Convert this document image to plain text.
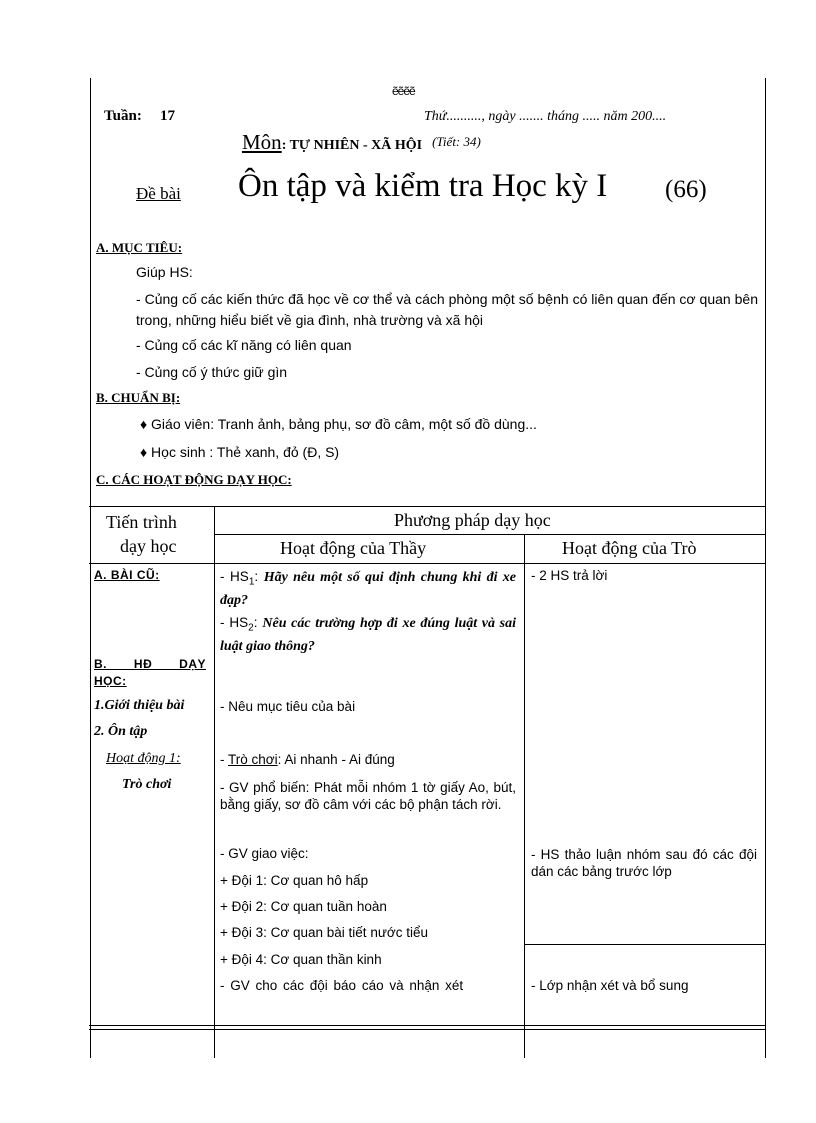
ẽẽẽẽ
Tuần: 17	Thứ.........., ngày ....... tháng ..... năm 200....
Môn: TỰ NHIÊN - XÃ HỘI (Tiết: 34)
Đề bài Ôn tập và kiểm tra Học kỳ I (66)
A. MỤC TIÊU:
Giúp HS:
- Củng cố các kiến thức đã học về cơ thể và cách phòng một số bệnh có liên quan đến cơ quan bên trong, những hiểu biết về gia đình, nhà trường và xã hội
- Củng cố các kĩ năng có liên quan
- Củng cố ý thức giữ gìn
B. CHUẨN BỊ:
♦ Giáo viên: Tranh ảnh, bảng phụ, sơ đồ câm, một số đồ dùng...
♦ Học sinh : Thẻ xanh, đỏ (Đ, S)
C. CÁC HOẠT ĐỘNG DẠY HỌC:
Tiến trình
dạy học
Phương pháp dạy học
Hoạt động của Thầy	Hoạt động của Trò
A. BÀI CŨ:
B. HĐ DẠY HỌC:
1.Giới thiệu bài
2. Ôn tập
Hoạt động 1:
Trò chơi
- $HS_1$: Hãy nêu một số qui định chung khi đi xe đạp?
- $HS_2$: Nêu các trường hợp đi xe đúng luật và sai luật giao thông?
- Nêu mục tiêu của bài
- Trò chơi: Ai nhanh - Ai đúng
- GV phổ biến: Phát mỗi nhóm 1 tờ giấy Ao, bút, bằng giấy, sơ đồ câm với các bộ phận tách rời.
- GV giao việc:
+ Đội 1: Cơ quan hô hấp
+ Đội 2: Cơ quan tuần hoàn
+ Đội 3: Cơ quan bài tiết nước tiểu
+ Đội 4: Cơ quan thần kinh
- GV cho các đội báo cáo và nhận xét
- 2 HS trả lời
- HS thảo luận nhóm sau đó các đội dán các bảng trước lớp
- Lớp nhận xét và bổ sung
